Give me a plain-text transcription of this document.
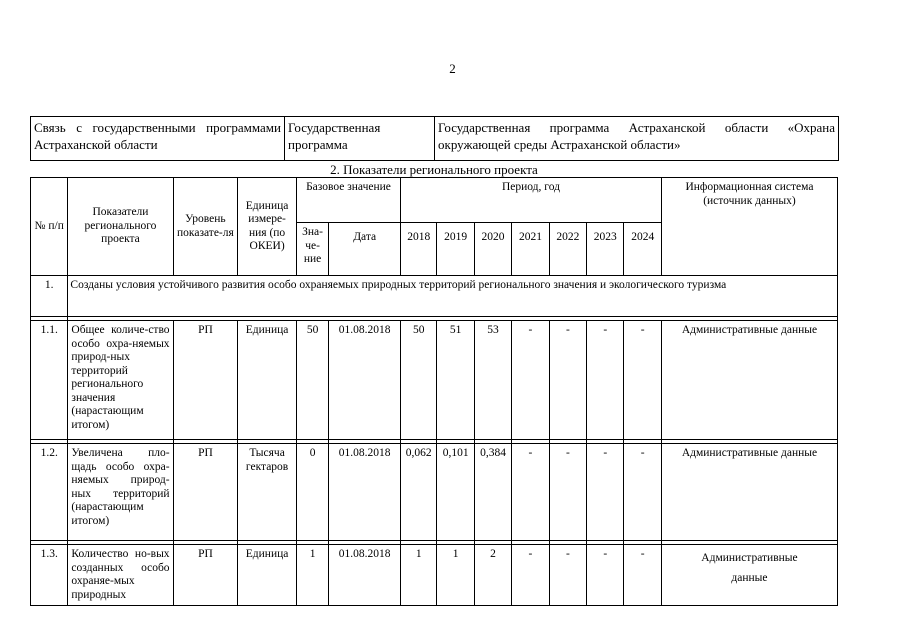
2
Связь с государственными программами Астраханской области	Государственная программа	Государственная программа Астраханской области «Охрана окружающей среды Астраханской области»
2. Показатели регионального проекта
№ п/п	Показатели регионального проекта	Уровень показате-ля	Единица измере-ния (по ОКЕИ)	Базовое значение		Период, год							Информационная система (источник данных)
				Зна-че-ние	Дата	2018	2019	2020	2021	2022	2023	2024	
1.	Созданы условия устойчивого развития особо охраняемых природных территорий регионального значения и экологического туризма												

1.1.	Общее количе-ство особо охра-няемых природ-ных территорий регионального значения (нарастающим итогом)	РП	Единица	50	01.08.2018	50	51	53	-	-	-	-	Административные данные

1.2.	Увеличена пло-щадь особо охра-няемых природ-ных территорий (нарастающим итогом)	РП	Тысяча гектаров	0	01.08.2018	0,062	0,101	0,384	-	-	-	-	Административные данные

1.3.	Количество но-вых созданных особо охраняе-мых природных	РП	Единица	1	01.08.2018	1	1	2	-	-	-	-	Административные данные
